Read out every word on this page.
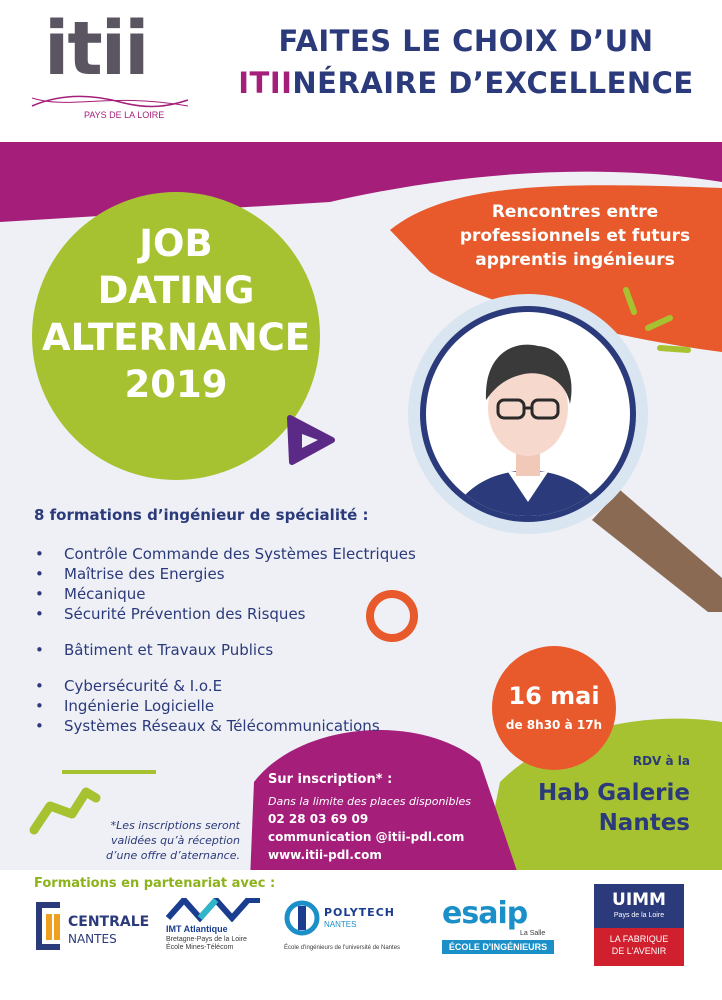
itii
PAYS DE LA LOIRE
FAITES LE CHOIX D’UN
ITIINÉRAIRE D’EXCELLENCE
JOB
DATING
ALTERNANCE
2019
Rencontres entre
professionnels et futurs
apprentis ingénieurs
8 formations d’ingénieur de spécialité :
• Contrôle Commande des Systèmes Electriques
• Maîtrise des Energies
• Mécanique
• Sécurité Prévention des Risques
• Bâtiment et Travaux Publics
• Cybersécurité & I.o.E
• Ingénierie Logicielle
• Systèmes Réseaux & Télécommunications
16 mai
de 8h30 à 17h
RDV à la
Hab Galerie
Nantes
*Les inscriptions seront
validées qu’à réception
d’une offre d’aternance.
Sur inscription* :
Dans la limite des places disponibles
02 28 03 69 09
communication @itii-pdl.com
www.itii-pdl.com
Formations en partenariat avec :
CENTRALE
NANTES
IMT Atlantique
Bretagne-Pays de la Loire
École Mines-Télécom
POLYTECH
NANTES
École d'ingénieurs de l'université de Nantes
esaip
La Salle
ÉCOLE D'INGÉNIEURS
UIMM
Pays de la Loire
LA FABRIQUE
DE L'AVENIR
